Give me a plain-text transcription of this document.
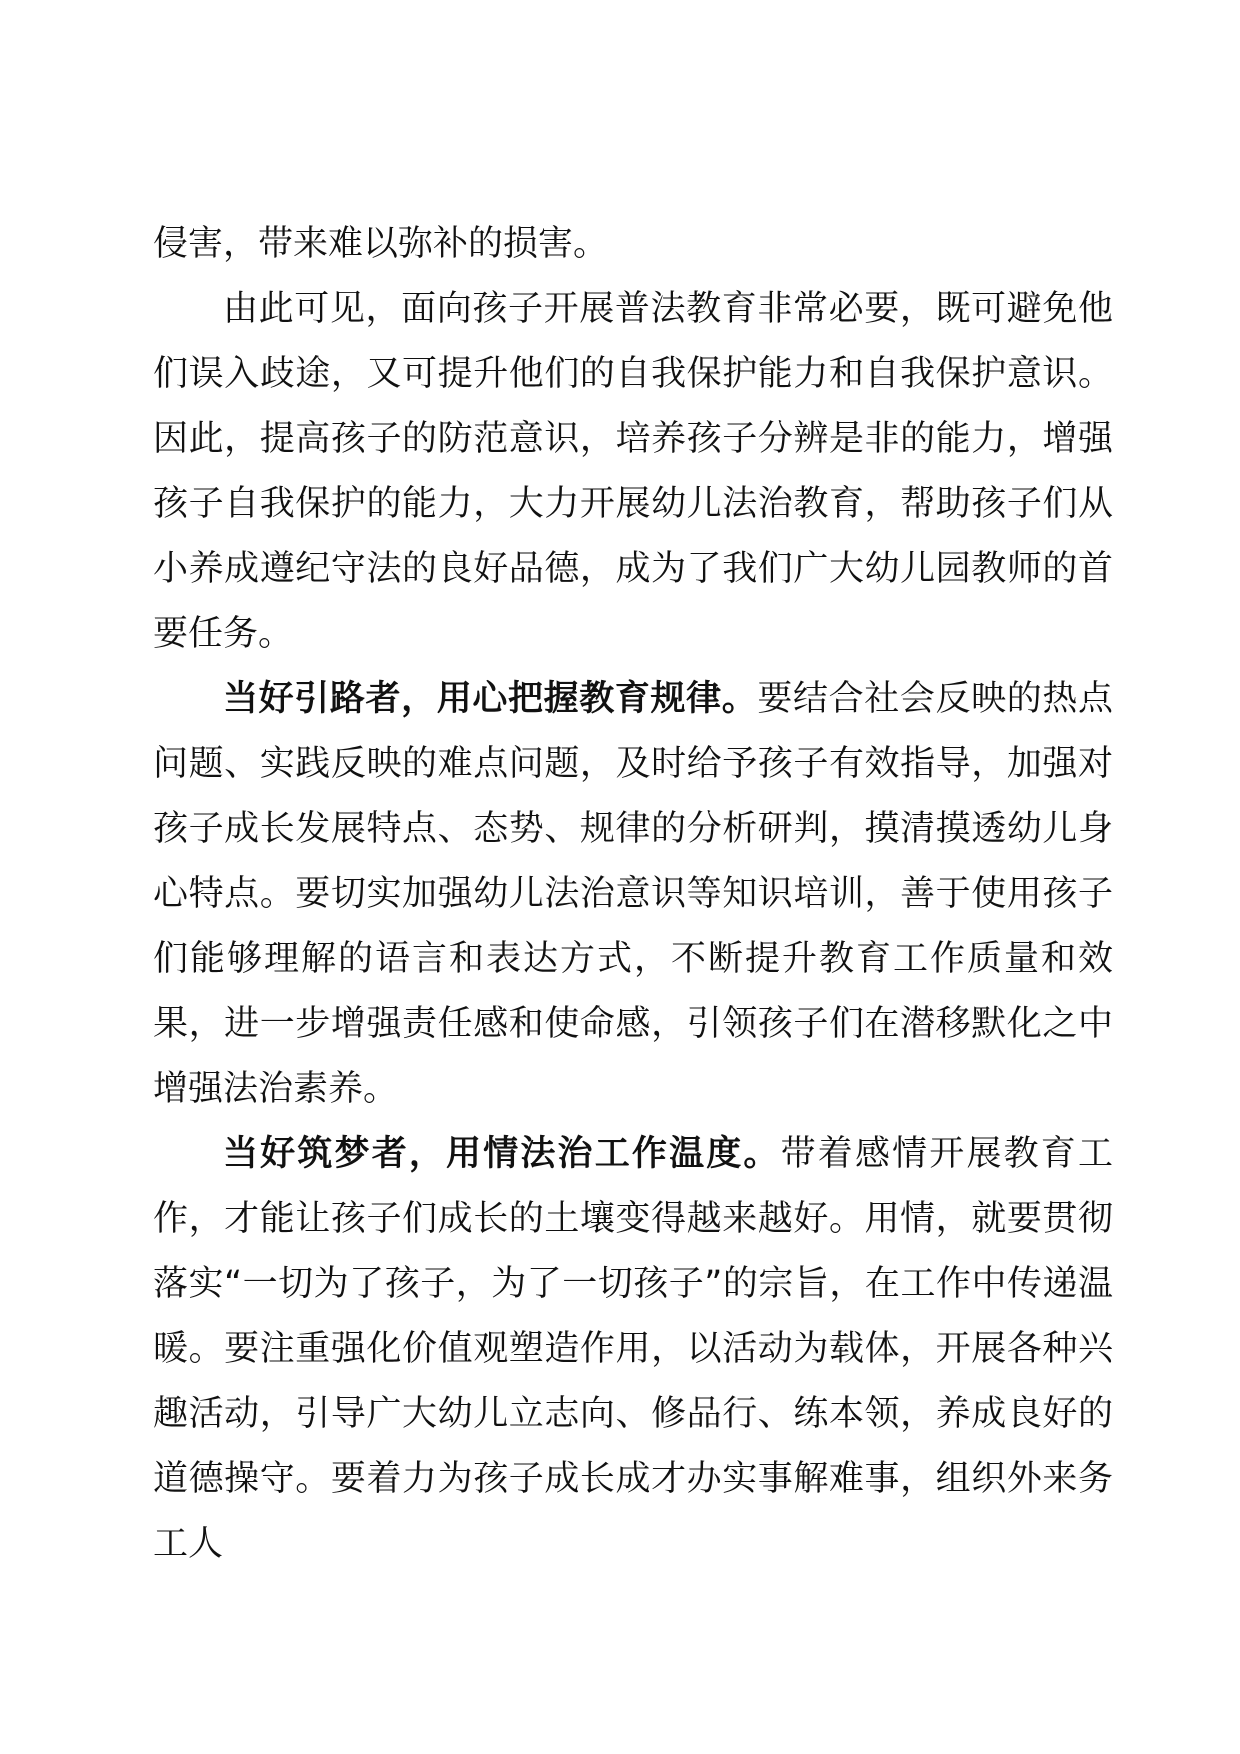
侵害，带来难以弥补的损害。

由此可见，面向孩子开展普法教育非常必要，既可避免他们误入歧途，又可提升他们的自我保护能力和自我保护意识。因此，提高孩子的防范意识，培养孩子分辨是非的能力，增强孩子自我保护的能力，大力开展幼儿法治教育，帮助孩子们从小养成遵纪守法的良好品德，成为了我们广大幼儿园教师的首要任务。

当好引路者，用心把握教育规律。要结合社会反映的热点问题、实践反映的难点问题，及时给予孩子有效指导，加强对孩子成长发展特点、态势、规律的分析研判，摸清摸透幼儿身心特点。要切实加强幼儿法治意识等知识培训，善于使用孩子们能够理解的语言和表达方式，不断提升教育工作质量和效果，进一步增强责任感和使命感，引领孩子们在潜移默化之中增强法治素养。

当好筑梦者，用情法治工作温度。带着感情开展教育工作，才能让孩子们成长的土壤变得越来越好。用情，就要贯彻落实“一切为了孩子，为了一切孩子”的宗旨，在工作中传递温暖。要注重强化价值观塑造作用，以活动为载体，开展各种兴趣活动，引导广大幼儿立志向、修品行、练本领，养成良好的道德操守。要着力为孩子成长成才办实事解难事，组织外来务工人
